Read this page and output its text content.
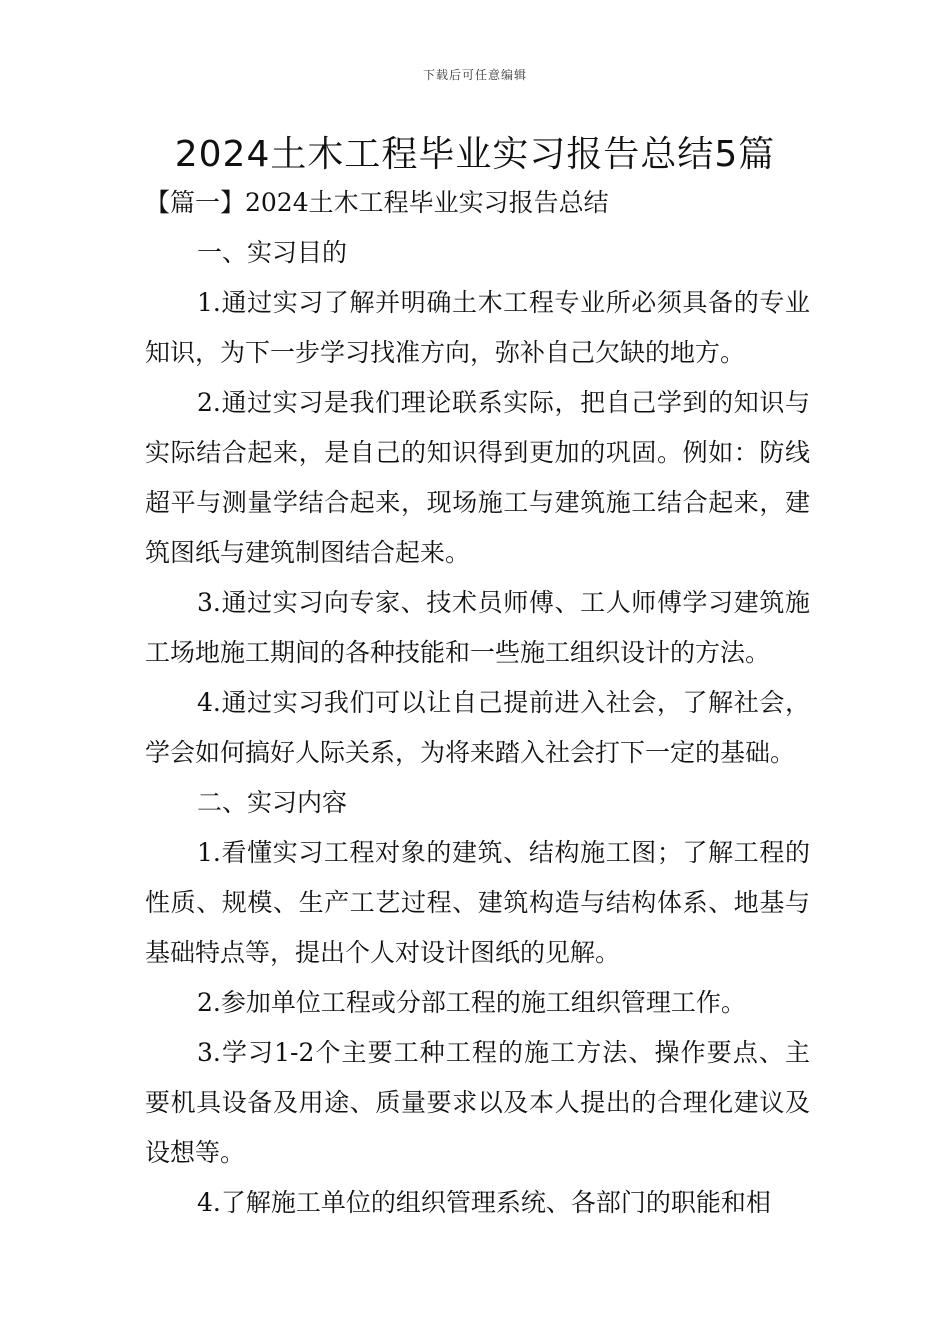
下载后可任意编辑
2024土木工程毕业实习报告总结5篇

【篇一】2024土木工程毕业实习报告总结

一、实习目的

1.通过实习了解并明确土木工程专业所必须具备的专业知识，为下一步学习找准方向，弥补自己欠缺的地方。

2.通过实习是我们理论联系实际，把自己学到的知识与实际结合起来，是自己的知识得到更加的巩固。例如：防线超平与测量学结合起来，现场施工与建筑施工结合起来，建筑图纸与建筑制图结合起来。

3.通过实习向专家、技术员师傅、工人师傅学习建筑施工场地施工期间的各种技能和一些施工组织设计的方法。

4.通过实习我们可以让自己提前进入社会，了解社会，学会如何搞好人际关系，为将来踏入社会打下一定的基础。

二、实习内容

1.看懂实习工程对象的建筑、结构施工图；了解工程的性质、规模、生产工艺过程、建筑构造与结构体系、地基与基础特点等，提出个人对设计图纸的见解。

2.参加单位工程或分部工程的施工组织管理工作。

3.学习1-2个主要工种工程的施工方法、操作要点、主要机具设备及用途、质量要求以及本人提出的合理化建议及设想等。

4.了解施工单位的组织管理系统、各部门的职能和相
